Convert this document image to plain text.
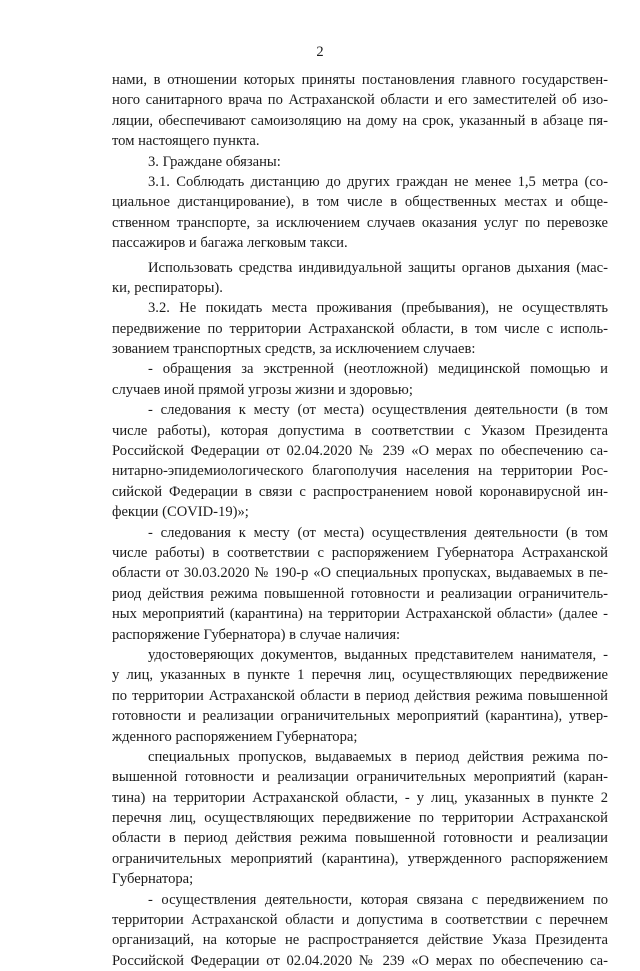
2
нами, в отношении которых приняты постановления главного государствен-
ного санитарного врача по Астраханской области и его заместителей об изо-
ляции, обеспечивают самоизоляцию на дому на срок, указанный в абзаце пя-
том настоящего пункта.
3. Граждане обязаны:
3.1. Соблюдать дистанцию до других граждан не менее 1,5 метра (со-
циальное дистанцирование), в том числе в общественных местах и обще-
ственном транспорте, за исключением случаев оказания услуг по перевозке
пассажиров и багажа легковым такси.
Использовать средства индивидуальной защиты органов дыхания (мас-
ки, респираторы).
3.2. Не покидать места проживания (пребывания), не осуществлять
передвижение по территории Астраханской области, в том числе с исполь-
зованием транспортных средств, за исключением случаев:
- обращения за экстренной (неотложной) медицинской помощью и
случаев иной прямой угрозы жизни и здоровью;
- следования к месту (от места) осуществления деятельности (в том
числе работы), которая допустима в соответствии с Указом Президента
Российской Федерации от 02.04.2020 № 239 «О мерах по обеспечению са-
нитарно-эпидемиологического благополучия населения на территории Рос-
сийской Федерации в связи с распространением новой коронавирусной ин-
фекции (COVID-19)»;
- следования к месту (от места) осуществления деятельности (в том
числе работы) в соответствии с распоряжением Губернатора Астраханской
области от 30.03.2020 № 190-р «О специальных пропусках, выдаваемых в пе-
риод действия режима повышенной готовности и реализации ограничитель-
ных мероприятий (карантина) на территории Астраханской области» (далее -
распоряжение Губернатора) в случае наличия:
удостоверяющих документов, выданных представителем нанимателя, -
у лиц, указанных в пункте 1 перечня лиц, осуществляющих передвижение
по территории Астраханской области в период действия режима повышенной
готовности и реализации ограничительных мероприятий (карантина), утвер-
жденного распоряжением Губернатора;
специальных пропусков, выдаваемых в период действия режима по-
вышенной готовности и реализации ограничительных мероприятий (каран-
тина) на территории Астраханской области, - у лиц, указанных в пункте 2
перечня лиц, осуществляющих передвижение по территории Астраханской
области в период действия режима повышенной готовности и реализации
ограничительных мероприятий (карантина), утвержденного распоряжением
Губернатора;
- осуществления деятельности, которая связана с передвижением по
территории Астраханской области и допустима в соответствии с перечнем
организаций, на которые не распространяется действие Указа Президента
Российской Федерации от 02.04.2020 № 239 «О мерах по обеспечению са-
